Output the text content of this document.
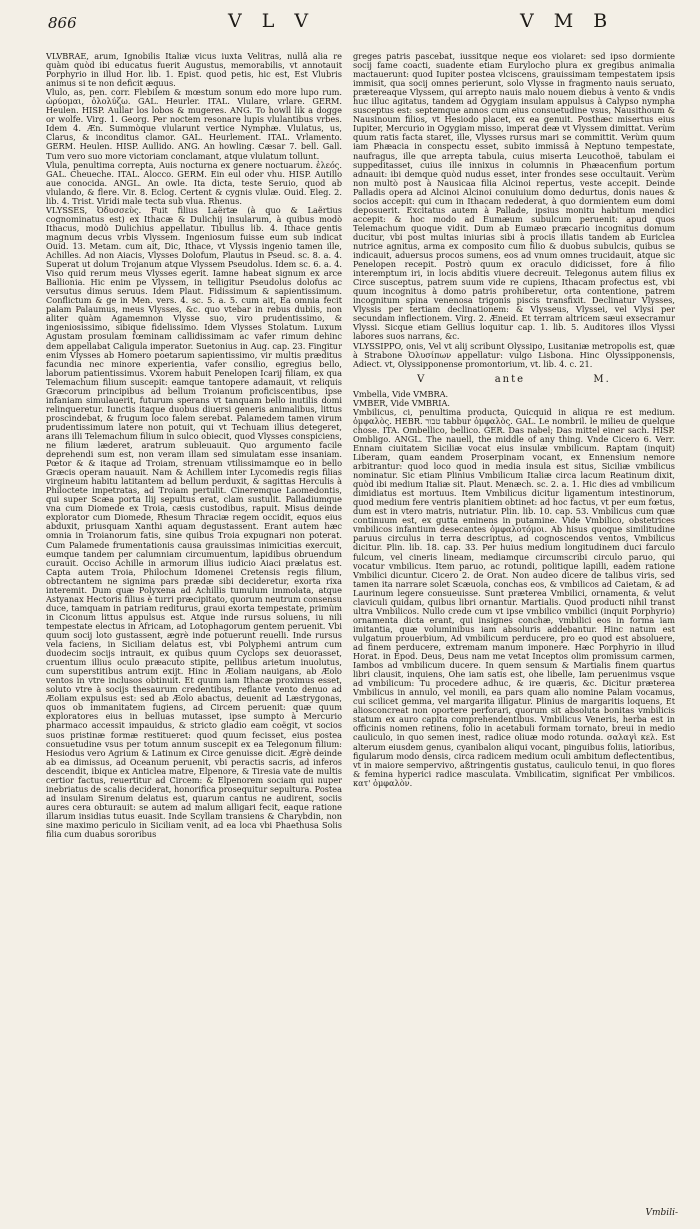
866	V L V	V M B

VLVBRAE, arum, Ignobilis Italiæ vicus iuxta Velitras, nullâ alia re quàm quòd ibi educatus fuerit Augustus, memorabilis, vt annotauit Porphyrio in illud Hor. lib. 1. Epist. quod petis, hic est, Est Vlubris animus si te non deficit æquus.

Vlulo, as, pen. corr. Flebilem & mœstum sonum edo more lupo rum. ὠρύομαι, ὀλολύζω. GAL. Heurler. ITAL. Vlulare, vrlare. GERM. Heulen. HISP. Aullar los lobos & mugeres. ANG. To howll lik a dogge or wolfe. Virg. 1. Georg. Per noctem resonare lupis vlulantibus vrbes. Idem 4. Æn. Summòque vlularunt vertice Nymphæ. Vlulatus, us, Clarus, & inconditus clamor. GAL. Heurlement. ITAL. Vrlamento. GERM. Heulen. HISP. Aullido. ANG. An howling. Cæsar 7. bell. Gall. Tum vero suo more victoriam conclamant, atque vlulatum tollunt.

Vlula, penultima correpta, Auis nocturna ex genere noctuarum. ἐλεός. GAL. Cheueche. ITAL. Alocco. GERM. Ein eul oder vhu. HISP. Autillo aue conocida. ANGL. An owle. Ita dicta, teste Seruio, quod ab vlulando, & flere. Vir. 8. Eclog. Certent & cygnis vlulæ. Ouid. Eleg. 2. lib. 4. Trist. Viridi male tecta sub vlua. Rhenus.

VLYSSES, Ὀδυσσεὺς. Fuit filius Laërtæ (à quo & Laërtius cognominatus est) ex Ithacæ & Dulichij insularum, à quibus modò Ithacus, modò Dulichius appellatur. Tibullus lib. 4. Ithace gentis magnum decus vrbis Vlyssem. Ingeniosum fuisse eum sub indicat Ouid. 13. Metam. cum ait, Dic, Ithace, vt Vlyssis ingenio tamen ille, Achilles. Ad non Aiacis, Vlysses Dolofum, Plautus in Pseud. sc. 8. a. 4. Superat ut dolum Trojanum atque Vlyssem Pseudolus. Idem sc. 6. a. 4. Viso quid rerum meus Vlysses egerit. Iamne habeat signum ex arce Ballionia. Hic enim pe Vlyssem, in telligitur Pseudolus dolofus ac versutus dimus seruus. Idem Plaut. Fidissimum & sapientissimum. Conflictum & ge in Men. vers. 4. sc. 5. a. 5. cum ait, Ea omnia fecit palam Palaumus, meus Vlysses, &c. quo vtebar in rebus dubiis, non aliter quàm Agamemnon Vlysse suo, viro prudentissimo, & ingeniosissimo, sibique fidelissimo. Idem Vlysses Stolatum. Luxum Agustam prosulam fœminam callidissimam ac vafer rimum dehinc dem appellabat Caligula imperator. Suetonius in Aug. cap. 23. Fingitur enim Vlysses ab Homero poetarum sapientissimo, vir multis præditus facundia nec minore experientia, vafer consilio, egregius bello, laborum patientissimus. Vxorem habuit Penelopen Icarij filiam, ex qua Telemachum filium suscepit: eamque tantopere adamauit, vt reliquis Græcorum principibus ad bellum Troianum proficiscentibus, ipse infaniam simulauerit, futurum sperans vt tanquam bello inutilis domi relinqueretur. Iunctis itaque duobus diuersi generis animalibus, littus proscindebat, & frugum loco falem serebat. Palamedem tamen virum prudentissimum latere non potuit, qui vt Techuam illius detegeret, arans illi Telemachum filium in sulco obiecit, quod Vlysses conspiciens, ne filium læderet, aratrum subleuauit. Quo argumento facile deprehendi sum est, non veram illam sed simulatam esse insaniam. Pœtor & & itaque ad Troiam, strenuam vtilissimamque eo in bello Græcis operam nauauit. Nam & Achillem inter Lycomedis regis filias virgineum habitu latitantem ad bellum perduxit, & sagittas Herculis à Philoctete impetratas, ad Troiam pertulit. Cineremque Laomedontis, qui super Scæa porta Ilij sepultus erat, clam sustulit. Palladiumque vna cum Diomede ex Troia, cæsis custodibus, rapuit. Misus deinde explorator cum Diomede, Rhesum Thraciæ regem occidit, equos eius abduxit, priusquam Xanthi aquam degustassent. Erant autem hæc omnia in Troianorum fatis, sine quibus Troia expugnari non poterat. Cum Palamede frumentationis causa grauissimas inimicitias exercuit, eumque tandem per calumniam circumuentum, lapidibus obruendum curauit. Occiso Achille in armorum illius iudicio Aiaci prælatus est. Capta autem Troia, Philochum Idomenei Cretensis regis filium, obtrectantem ne signima pars prædæ sibi decideretur, exorta rixa interemit. Dum quæ Polyxena ad Achillis tumulum immolata, atque Astyanax Hectoris filius è turri præcipitato, quorum neutrum consensu duce, tamquam in patriam rediturus, graui exorta tempestate, primùm in Ciconum littus appulsus est. Atque inde rursus soluens, iu nili tempestate electus in Africam, ad Lotophagorum gentem peruenit. Vbi quum socij loto gustassent, ægrè inde potuerunt reuelli. Inde rursus vela faciens, in Siciliam delatus est, vbi Polyphemi antrum cum duodecim socijs intrauit, ex quibus quum Cyclops sex deuorasset, cruentum illius oculo præacuto stipite, pellibus arietum inuolutus, cum superstitibus antrum exijt. Hinc in Æoliam nauigans, ab Æolo ventos in vtre inclusos obtinuit. Et quum iam Ithacæ proximus esset, soluto vtre à socijs thesaurum credentibus, reflante vento denuo ad Æoliam expulsus est: sed ab Æolo abactus, deuenit ad Læstrygonas, quos ob immanitatem fugiens, ad Circem peruenit: quæ quum exploratores eius in belluas mutasset, ipse sumpto à Mercurio pharmaco accessit impauidus, & stricto gladio eam coëgit, vt socios suos pristinæ formæ restitueret: quod quum fecisset, eius postea consuetudine vsus per totum annum suscepit ex ea Telegonum filium: Hesiodus vero Agrium & Latinum ex Circe genuisse dicit. Ægrè deinde ab ea dimissus, ad Oceanum peruenit, vbi peractis sacris, ad inferos descendit, ibique ex Anticlea matre, Elpenore, & Tiresia vate de multis certior factus, reuertitur ad Circem: & Elpenorem sociam qui nuper inebriatus de scalis deciderat, honorifica prosequitur sepultura. Postea ad insulam Sirenum delatus est, quarum cantus ne audirent, sociis aures cera obturauit: se autem ad malum alligari fecit, eaque ratione illarum insidias tutus euasit. Inde Scyllam transiens & Charybdin, non sine maximo periculo in Siciliam venit, ad ea loca vbi Phaethusa Solis filia cum duabus sororibus

greges patris pascebat, iussitque neque eos violaret: sed ipso dormiente socij fame coacti, suadente etiam Eurylocho plura ex gregibus animalia mactauerunt: quod Iupiter postea vlciscens, grauissimam tempestatem ipsis immisit, qua socij omnes perierunt, solo Vlysse in fragmento nauis seruato, prætereaque Vlyssem, qui arrepto nauis malo nouem diebus à vento & vndis huc illuc agitatus, tandem ad Ogygiam insulam appulsus à Calypso nympha susceptus est: septemque annos cum eius consuetudine vsus, Nausithoum & Nausinoum filios, vt Hesiodo placet, ex ea genuit. Posthæc misertus eius Iupiter, Mercurio in Ogygiam misso, imperat deæ vt Vlyssem dimittat. Verùm quum ratis facta staret, ille, Vlysses rursus mari se committit. Verùm quum iam Phæacia in conspectu esset, subito immissâ à Neptuno tempestate, naufragus, ille que arrepta tabula, cuius miserta Leucothoë, tabulam ei suppeditasset, cuius ille innixus in columnis in Phæacenfium portum adnauit: ibi demque quòd nudus esset, inter frondes sese occultauit. Verùm non multò post à Nausicaa filia Alcinoi repertus, veste accepit. Deinde Palladis opera ad Alcinoi Alcinoi conuiuium domo dedurtus, donis naues & socios accepit: qui cum in Ithacam redederat, à quo dormientem eum domi deposuerit. Excitatus autem à Pallade, ipsius monitu habitum mendici accepit: & hoc modo ad Eumæum subulcum peruenit: apud quos Telemachum quoque vidit. Dum ab Eumæo præcario incognitus domum ducitur, vbi post multas iniurias sibi à procis illatis tandem ab Euriclea nutrice agnitus, arma ex composito cum filio & duobus subulcis, quibus se indicauit, aduersus procos sumens, eos ad vnum omnes trucidauit, atque sic Penelopen recepit. Postrò quum ex oraculo didicisset, fore à filio interemptum iri, in locis abditis viuere decreuit. Telegonus autem filius ex Circe susceptus, patrem suum vide re cupiens, Ithacam profectus est, vbi quum incognitus à domo patris prohiberetur, orta contentione, patrem incognitum spina venenosa trigonis piscis transfixit. Declinatur Vlysses, Vlyssis per tertiam declinationem: & Vlysseus, Vlyssei, vel Vlysi per secundam inflectionem. Virg. 2. Æneid. Et terram altricem sæui exsecramur Vlyssi. Sicque etiam Gellius loquitur cap. 1. lib. 5. Auditores illos Vlyssi labores suos narrans, &c.

VLYSSIPPO, onis, Vel vt alij scribunt Olyssipo, Lusitaniæ metropolis est, quæ à Strabone Ὀλυσίπων appellatur: vulgo Lisbona. Hinc Olyssipponensis, Adiect. vt, Olyssipponense promontorium, vt. lib. 4. c. 21.

V	ante	M.

Vmbella, Vide VMBRA.

VMBER, Vide VMBRIA.

Vmbilicus, ci, penultima producta, Quicquid in aliqua re est medium. ὀμφαλὸς. HEBR. טבור tabbur ὀμφαλὸς. GAL. Le nombril. le milieu de quelque chose. ITA. Ombellico, bellico. GER. Das nabel; Das mittel einer sach. HISP. Ombligo. ANGL. The nauell, the middle of any thing. Vnde Cicero 6. Verr. Ennam ciuitatem Siciliæ vocat eius insulæ vmbilicum. Raptam (inquit) Liberam, quam eandem Proserpinam vocant, ex Ennensium nemore arbitrantur: quod loco quod in media insula est situs, Siciliæ vmbilicus nominatur. Sic etiam Plinius Vmbilicum Italiæ circa lacum Reatinum dixit, quòd ibi medium Italiæ sit. Plaut. Menæch. sc. 2. a. 1. Hic dies ad vmbilicum dimidiatus est mortuus. Item Vmbilicus dicitur ligamentum intestinorum, quod medium fere ventris planitiem obtinet: ad hoc factus, vt per eum fœtus, dum est in vtero matris, nutriatur. Plin. lib. 10. cap. 53. Vmbilicus cum quæ continuum est, ex gutta eminens in putamine. Vide Vmbilico, obstetrices vmbilicos infantium desecantes ὀμφαλοτόμοι. Ab hisus quoque similitudine paruus circulus in terra descriptus, ad cognoscendos ventos, Vmbilicus dicitur. Plin. lib. 18. cap. 33. Per huius medium longitudinem duci farculo fulcum, vel cineris lineam, mediamque circumscribi circulo paruo, qui vocatur vmbilicus. Item paruo, ac rotundi, politique lapilli, eadem ratione Vmbilici dicuntur. Cicero 2. de Orat. Non audeo dicere de talibus viris, sed tamen ita narrare solet Scæuola, conchas eos, & vmbilicos ad Caietam, & ad Laurinum legere consueuisse. Sunt præterea Vmbilici, ornamenta, & velut claviculi quidam, quibus libri ornantur. Martialis. Quod producti nihil transt ultra Vmbilicos. Nullo crede cum vt ipse vmbilico vmbilici (inquit Porphyrio) ornamenta dicta erant, qui insignes conchæ, vmbilici eos in forma iam imitantia, quæ voluminibus iam absoluris addebantur. Hinc natum est vulgatum prouerbium, Ad vmbilicum perducere, pro eo quod est absoluere, ad finem perducere, extremam manum imponere. Hæc Porphyrio in illud Horat. in Epod. Deus, Deus nam me vetat Inceptos olim promissum carmen, Iambos ad vmbilicum ducere. In quem sensum & Martialis finem quartus libri clausit, inquiens, Ohe iam satis est, ohe libelle, Iam peruenimus vsque ad vmbilicum: Tu procedere adhuc, & ire quæris, &c. Dicitur præterea Vmbilicus in annulo, vel monili, ea pars quam alio nomine Palam vocamus, cui scilicet gemma, vel margarita illigatur. Plinius de margaritis loquens, Et aliosconcreat non oportere perforari, quorum sit absoluta bonitas vmbilicis statum ex auro capita comprehendentibus. Vmbilicus Veneris, herba est in officinis nomen retinens, folio in acetabuli formam tornato, breui in medio cauliculo, in quo semen inest, radice oliuæ modo rotunda. σαλαγὶ κελ. Est alterum eiusdem genus, cyanibalon aliqui vocant, pinguibus foliis, latioribus, figularum modo densis, circa radicem medium oculi ambitum deflectentibus, vt in maiore sempervivo, aßtringentis gustatus, cauliculo tenui, in quo flores & femina hyperici radice masculata. Vmbilicatim, significat Per vmbilicos. κατ' ὀμφαλὸν.

Vmbili-
